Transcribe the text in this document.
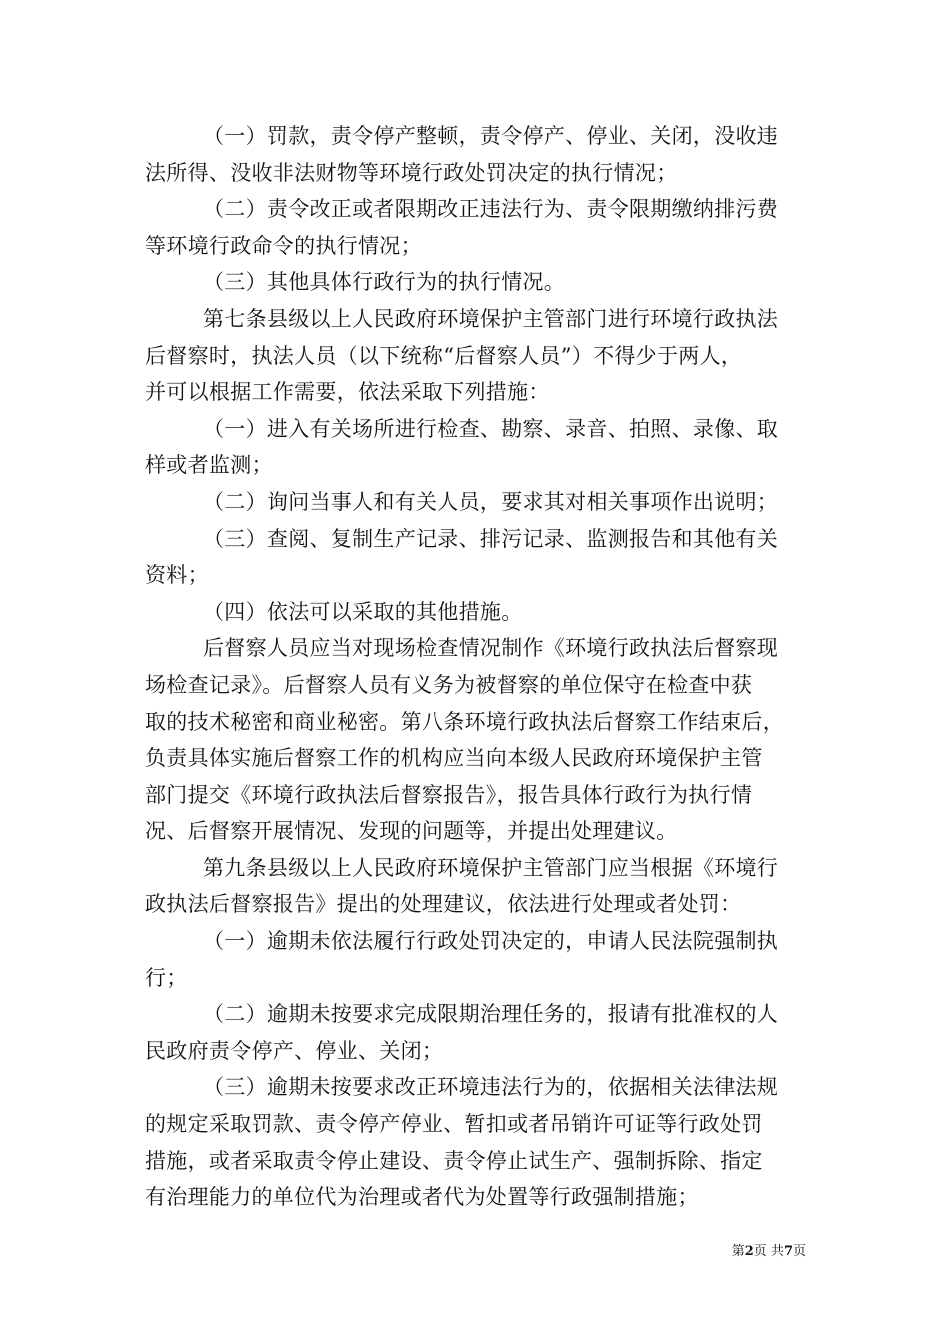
（一）罚款，责令停产整顿，责令停产、停业、关闭，没收违
法所得、没收非法财物等环境行政处罚决定的执行情况；
（二）责令改正或者限期改正违法行为、责令限期缴纳排污费
等环境行政命令的执行情况；
（三）其他具体行政行为的执行情况。
第七条县级以上人民政府环境保护主管部门进行环境行政执法
后督察时，执法人员（以下统称“后督察人员”）不得少于两人，
并可以根据工作需要，依法采取下列措施：
（一）进入有关场所进行检查、勘察、录音、拍照、录像、取
样或者监测；
（二）询问当事人和有关人员，要求其对相关事项作出说明；
（三）查阅、复制生产记录、排污记录、监测报告和其他有关
资料；
（四）依法可以采取的其他措施。
后督察人员应当对现场检查情况制作《环境行政执法后督察现
场检查记录》。后督察人员有义务为被督察的单位保守在检查中获
取的技术秘密和商业秘密。第八条环境行政执法后督察工作结束后，
负责具体实施后督察工作的机构应当向本级人民政府环境保护主管
部门提交《环境行政执法后督察报告》，报告具体行政行为执行情
况、后督察开展情况、发现的问题等，并提出处理建议。
第九条县级以上人民政府环境保护主管部门应当根据《环境行
政执法后督察报告》提出的处理建议，依法进行处理或者处罚：
（一）逾期未依法履行行政处罚决定的，申请人民法院强制执
行；
（二）逾期未按要求完成限期治理任务的，报请有批准权的人
民政府责令停产、停业、关闭；
（三）逾期未按要求改正环境违法行为的，依据相关法律法规
的规定采取罚款、责令停产停业、暂扣或者吊销许可证等行政处罚
措施，或者采取责令停止建设、责令停止试生产、强制拆除、指定
有治理能力的单位代为治理或者代为处置等行政强制措施；
第2页 共7页
